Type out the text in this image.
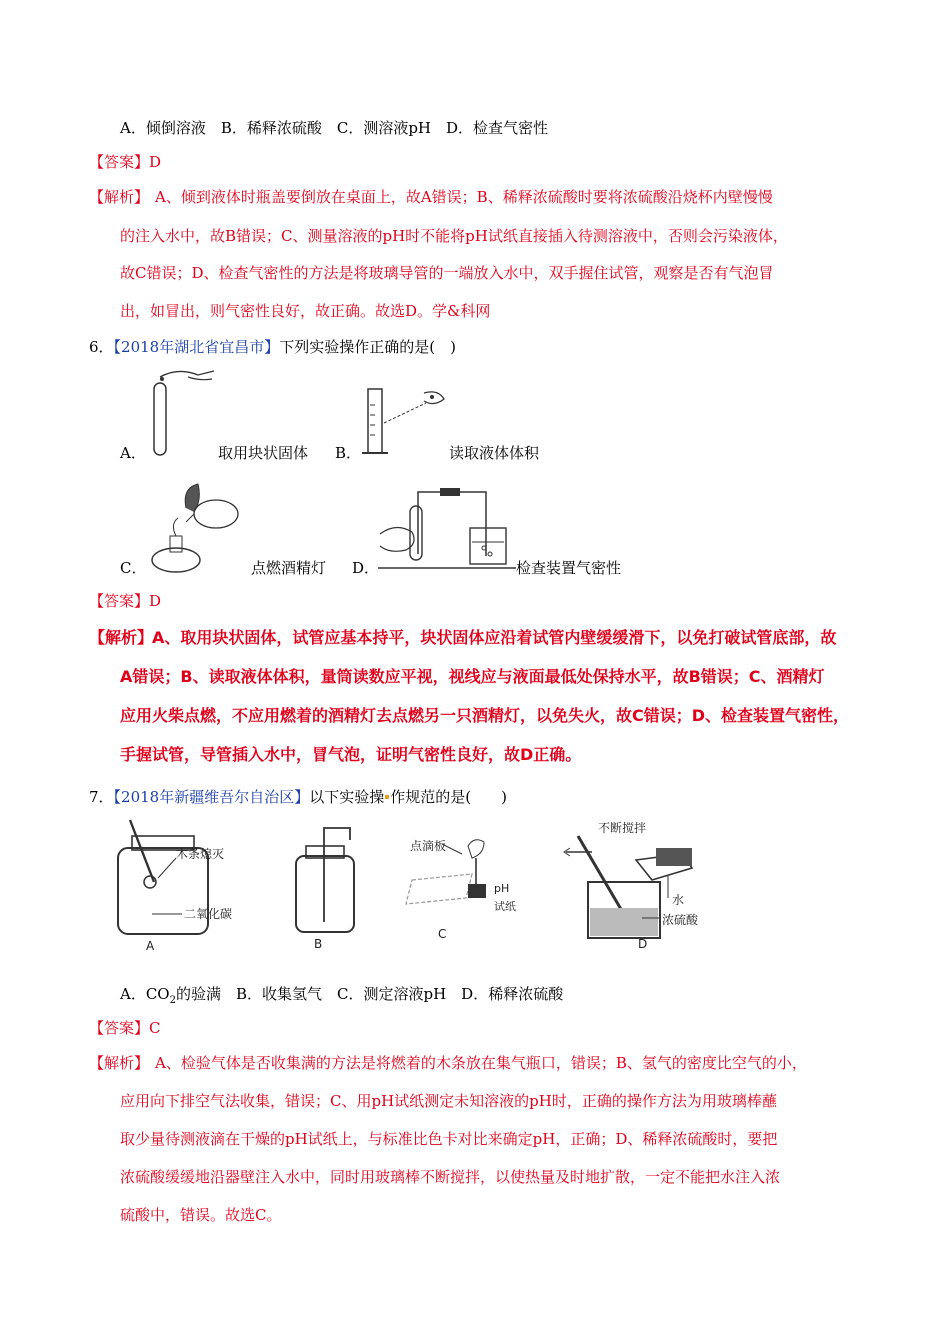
A．倾倒溶液　B．稀释浓硫酸　C．测溶液pH　D．检查气密性
【答案】D
【解析】 A、倾到液体时瓶盖要倒放在桌面上，故A错误；B、稀释浓硫酸时要将浓硫酸沿烧杯内壁慢慢
的注入水中，故B错误；C、测量溶液的pH时不能将pH试纸直接插入待测溶液中，否则会污染液体，
故C错误；D、检查气密性的方法是将玻璃导管的一端放入水中，双手握住试管，观察是否有气泡冒
出，如冒出，则气密性良好，故正确。故选D。学&科网
6．【2018年湖北省宜昌市】下列实验操作正确的是(　)
A．	取用块状固体 B．	读取液体体积
C．	点燃酒精灯 D．	检查装置气密性
【答案】D
【解析】
A、取用块状固体，试管应基本持平，块状固体应沿着试管内壁缓缓滑下，以免打破试管底部，故
A错误；B、读取液体体积，量筒读数应平视，视线应与液面最低处保持水平，故B错误；C、酒精灯
应用火柴点燃，不应用燃着的酒精灯去点燃另一只酒精灯，以免失火，故C错误；D、检查装置气密性，
手握试管，导管插入水中，冒气泡，证明气密性良好，故D正确。
7．【2018年新疆维吾尔自治区】以下实验操 作规范的是(　　)
木条熄灭
二氧化碳
A	B
点滴板
pH
试纸
C
不断搅拌
水
浓硫酸
D
A．$CO_2$的验满　B．收集氢气　C．测定溶液pH　D．稀释浓硫酸
【答案】C
【解析】 A、检验气体是否收集满的方法是将燃着的木条放在集气瓶口，错误；B、氢气的密度比空气的小，
应用向下排空气法收集，错误；C、用pH试纸测定未知溶液的pH时，正确的操作方法为用玻璃棒蘸
取少量待测液滴在干燥的pH试纸上，与标准比色卡对比来确定pH，正确；D、稀释浓硫酸时，要把
浓硫酸缓缓地沿器壁注入水中，同时用玻璃棒不断搅拌，以使热量及时地扩散，一定不能把水注入浓
硫酸中，错误。故选C。
